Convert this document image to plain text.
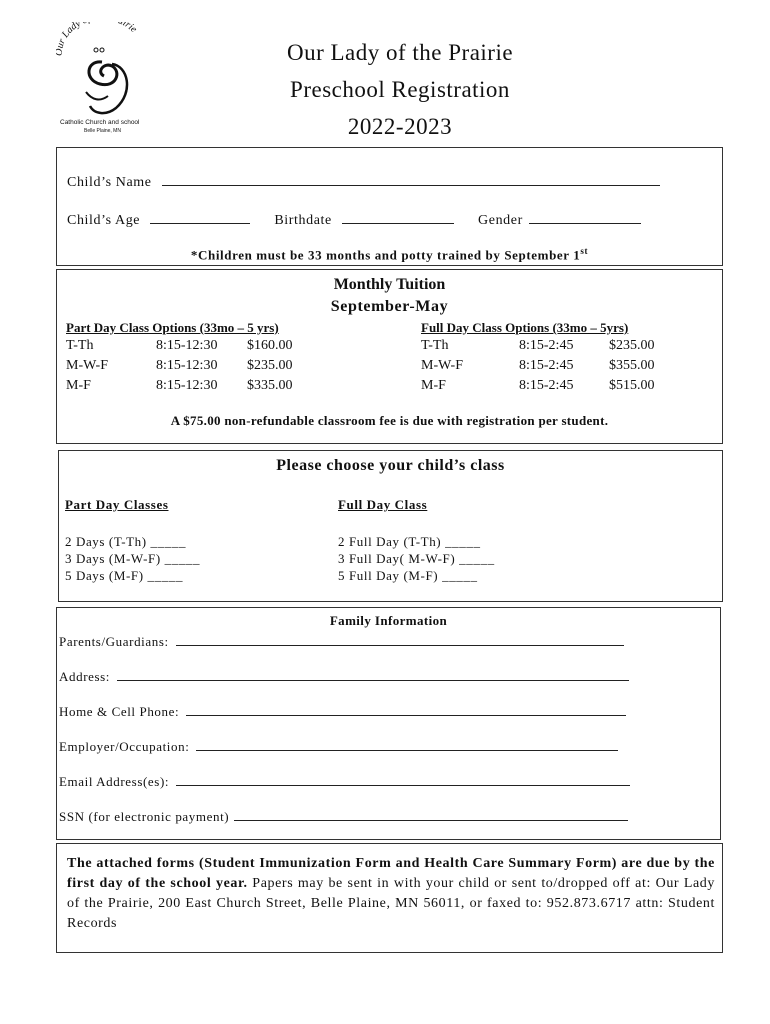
r Lady irie
Catholic Church and school
Belle Plaine, MN
Our Lady of the Prairie
Preschool Registration
2022-2023
Child’s Name
Child’s Age	Birthdate	Gender
*Children must be 33 months and potty trained by September 1st
Monthly Tuition
September-May
Part Day Class Options (33mo – 5 yrs)
T-Th	8:15-12:30 $160.00
M-W-F	8:15-12:30 $235.00
M-F	8:15-12:30 $335.00
Full Day Class Options (33mo – 5yrs)
T-Th	8:15-2:45	$235.00
M-W-F	8:15-2:45	$355.00
M-F	8:15-2:45	$515.00
A $75.00 non-refundable classroom fee is due with registration per student.
Please choose your child’s class
Part Day Classes	Full Day Class
2 Days (T-Th) _____
3 Days (M-W-F) _____
5 Days (M-F) _____
2 Full Day (T-Th) _____
3 Full Day( M-W-F) _____
5 Full Day (M-F) _____
Family Information
Parents/Guardians:
Address:
Home & Cell Phone:
Employer/Occupation:
Email Address(es):
SSN (for electronic payment)
The attached forms (Student Immunization Form and Health Care Summary Form) are due by the first day of the school year. Papers may be sent in with your child or sent to/dropped off at: Our Lady of the Prairie, 200 East Church Street, Belle Plaine, MN 56011, or faxed to: 952.873.6717 attn: Student Records
